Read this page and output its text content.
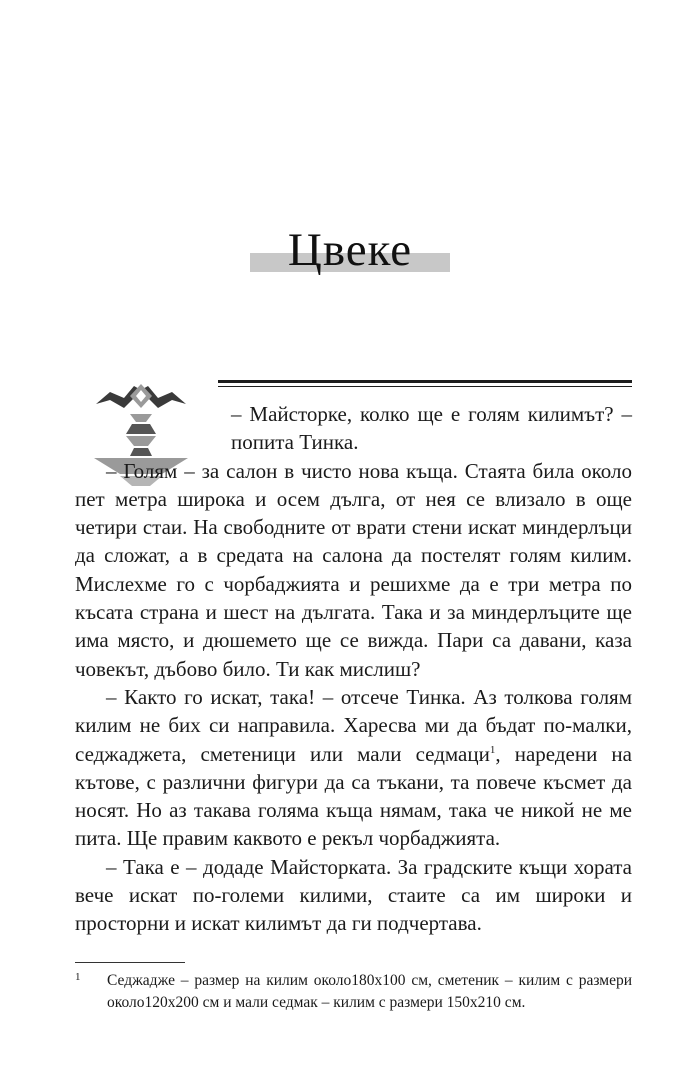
Цвеке

– Майсторке, колко ще е голям килимът? – попита Тинка.

– Голям – за салон в чисто нова къща. Стаята била около пет метра широка и осем дълга, от нея се влизало в още четири стаи. На свободните от врати стени искат миндерлъци да сложат, а в средата на салона да постелят голям килим. Мислехме го с чорбаджията и решихме да е три метра по късата страна и шест на дългата. Така и за миндерлъците ще има място, и дюшемето ще се вижда. Пари са давани, каза човекът, дъбово било. Ти как мислиш?

– Както го искат, така! – отсече Тинка. Аз толкова голям килим не бих си направила. Харесва ми да бъдат по-малки, седжаджета, сметеници или мали седмаци$^1$, наредени на кътове, с различни фигури да са тъкани, та повече късмет да носят. Но аз такава голяма къща нямам, така че никой не ме пита. Ще правим каквото е рекъл чорбаджията.

– Така е – додаде Майсторката. За градските къщи хората вече искат по-големи килими, стаите са им широки и просторни и искат килимът да ги подчертава.

1 Седжадже – размер на килим около180х100 см, сметеник – килим с размери около120х200 см и мали седмак – килим с размери 150х210 см.
